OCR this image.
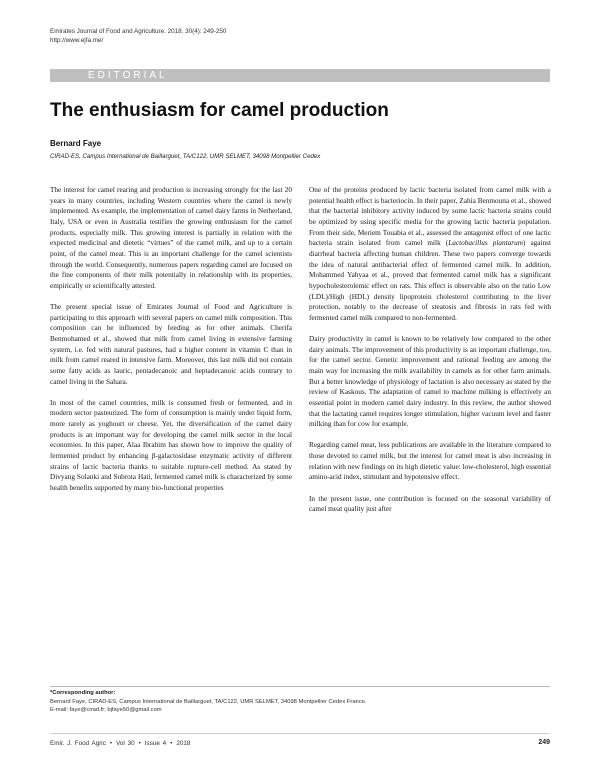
Emirates Journal of Food and Agriculture. 2018. 30(4): 249-250
http://www.ejfa.me/
EDITORIAL
The enthusiasm for camel production
Bernard Faye
CIRAD-ES, Campus International de Baillarguet, TA/C122, UMR SELMET, 34098 Montpellier Cedex

The interest for camel rearing and production is increasing strongly for the last 20 years in many countries, including Western countries where the camel is newly implemented. As example, the implementation of camel dairy farms in Netherland, Italy, USA or even in Australia testifies the growing enthusiasm for the camel products, especially milk. This growing interest is partially in relation with the expected medicinal and dietetic “virtues” of the camel milk, and up to a certain point, of the camel meat. This is an important challenge for the camel scientists through the world. Consequently, numerous papers regarding camel are focused on the fine components of their milk potentially in relationship with its properties, empirically or scientifically attested.

The present special issue of Emirates Journal of Food and Agriculture is participating to this approach with several papers on camel milk composition. This composition can be influenced by feeding as for other animals. Cherifa Benmohamed et al., showed that milk from camel living in extensive farming system, i.e. fed with natural pastures, had a higher content in vitamin C than in milk from camel reared in intensive farm. Moreover, this last milk did not contain some fatty acids as lauric, pentadecanoic and heptadecanoic acids contrary to camel living in the Sahara.

In most of the camel countries, milk is consumed fresh or fermented, and in modern sector pasteurized. The form of consumption is mainly under liquid form, more rarely as yoghourt or cheese. Yet, the diversification of the camel dairy products is an important way for developing the camel milk sector in the local economies. In this paper, Alaa Ibrahim has shown how to improve the quality of fermented product by enhancing β-galactosidase enzymatic activity of different strains of lactic bacteria thanks to suitable rupture-cell method. As stated by Divyang Solanki and Subrota Hati, fermented camel milk is characterized by some health benefits supported by many bio-functional properties

One of the proteins produced by lactic bacteria isolated from camel milk with a potential health effect is bacteriocin. In their paper, Zahia Benmouna et al., showed that the bacterial inhibitory activity induced by some lactic bacteria strains could be optimized by using specific media for the growing lactic bacteria population. From their side, Meriem Touabia et al., assessed the antagonist effect of one lactic bacteria strain isolated from camel milk (Lactobacillus plantarum) against diarrheal bacteria affecting human children. These two papers converge towards the idea of natural antibacterial effect of fermented camel milk. In addition, Mohammed Yahyaa et al., proved that fermented camel milk has a significant hypocholesterolemic effect on rats. This effect is observable also on the ratio Low (LDL)/High (HDL) density lipoprotein cholesterol contributing to the liver protection, notably to the decrease of steatosis and fibrosis in rats fed with fermented camel milk compared to non-fermented.

Dairy productivity in camel is known to be relatively low compared to the other dairy animals. The improvement of this productivity is an important challenge, too, for the camel sector. Genetic improvement and rational feeding are among the main way for increasing the milk availability in camels as for other farm animals. But a better knowledge of physiology of lactation is also necessary as stated by the review of Kaskous. The adaptation of camel to machine milking is effectively an essential point in modern camel dairy industry. In this review, the author showed that the lactating camel requires longer stimulation, higher vacuum level and faster milking than for cow for example.

Regarding camel meat, less publications are available in the literature compared to those devoted to camel milk, but the interest for camel meat is also increasing in relation with new findings on its high dietetic value: low-cholesterol, high essential amino-acid index, stimulant and hypotensive effect.

In the present issue, one contribution is focused on the seasonal variability of camel meat quality just after

*Corresponding author:
Bernard Faye, CIRAD-ES, Campus International de Baillarguet, TA/C122, UMR SELMET, 34098 Montpellier Cedex France.
E-mail: faye@cirad.fr; bjfaye50@gmail.com
Emir. J. Food Agric • Vol 30 • Issue 4 • 2018	249
